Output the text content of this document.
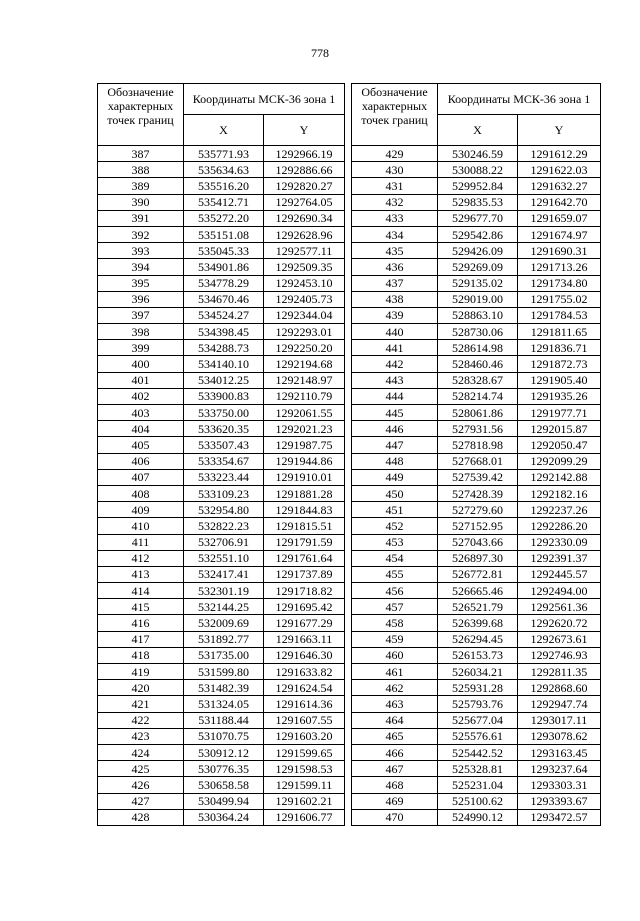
778
Обозначение характерных точек границ	Координаты МСК-36 зона 1	
	X	Y
387	535771.93	1292966.19
388	535634.63	1292886.66
389	535516.20	1292820.27
390	535412.71	1292764.05
391	535272.20	1292690.34
392	535151.08	1292628.96
393	535045.33	1292577.11
394	534901.86	1292509.35
395	534778.29	1292453.10
396	534670.46	1292405.73
397	534524.27	1292344.04
398	534398.45	1292293.01
399	534288.73	1292250.20
400	534140.10	1292194.68
401	534012.25	1292148.97
402	533900.83	1292110.79
403	533750.00	1292061.55
404	533620.35	1292021.23
405	533507.43	1291987.75
406	533354.67	1291944.86
407	533223.44	1291910.01
408	533109.23	1291881.28
409	532954.80	1291844.83
410	532822.23	1291815.51
411	532706.91	1291791.59
412	532551.10	1291761.64
413	532417.41	1291737.89
414	532301.19	1291718.82
415	532144.25	1291695.42
416	532009.69	1291677.29
417	531892.77	1291663.11
418	531735.00	1291646.30
419	531599.80	1291633.82
420	531482.39	1291624.54
421	531324.05	1291614.36
422	531188.44	1291607.55
423	531070.75	1291603.20
424	530912.12	1291599.65
425	530776.35	1291598.53
426	530658.58	1291599.11
427	530499.94	1291602.21
428	530364.24	1291606.77
Обозначение характерных точек границ	Координаты МСК-36 зона 1	
	X	Y
429	530246.59	1291612.29
430	530088.22	1291622.03
431	529952.84	1291632.27
432	529835.53	1291642.70
433	529677.70	1291659.07
434	529542.86	1291674.97
435	529426.09	1291690.31
436	529269.09	1291713.26
437	529135.02	1291734.80
438	529019.00	1291755.02
439	528863.10	1291784.53
440	528730.06	1291811.65
441	528614.98	1291836.71
442	528460.46	1291872.73
443	528328.67	1291905.40
444	528214.74	1291935.26
445	528061.86	1291977.71
446	527931.56	1292015.87
447	527818.98	1292050.47
448	527668.01	1292099.29
449	527539.42	1292142.88
450	527428.39	1292182.16
451	527279.60	1292237.26
452	527152.95	1292286.20
453	527043.66	1292330.09
454	526897.30	1292391.37
455	526772.81	1292445.57
456	526665.46	1292494.00
457	526521.79	1292561.36
458	526399.68	1292620.72
459	526294.45	1292673.61
460	526153.73	1292746.93
461	526034.21	1292811.35
462	525931.28	1292868.60
463	525793.76	1292947.74
464	525677.04	1293017.11
465	525576.61	1293078.62
466	525442.52	1293163.45
467	525328.81	1293237.64
468	525231.04	1293303.31
469	525100.62	1293393.67
470	524990.12	1293472.57
